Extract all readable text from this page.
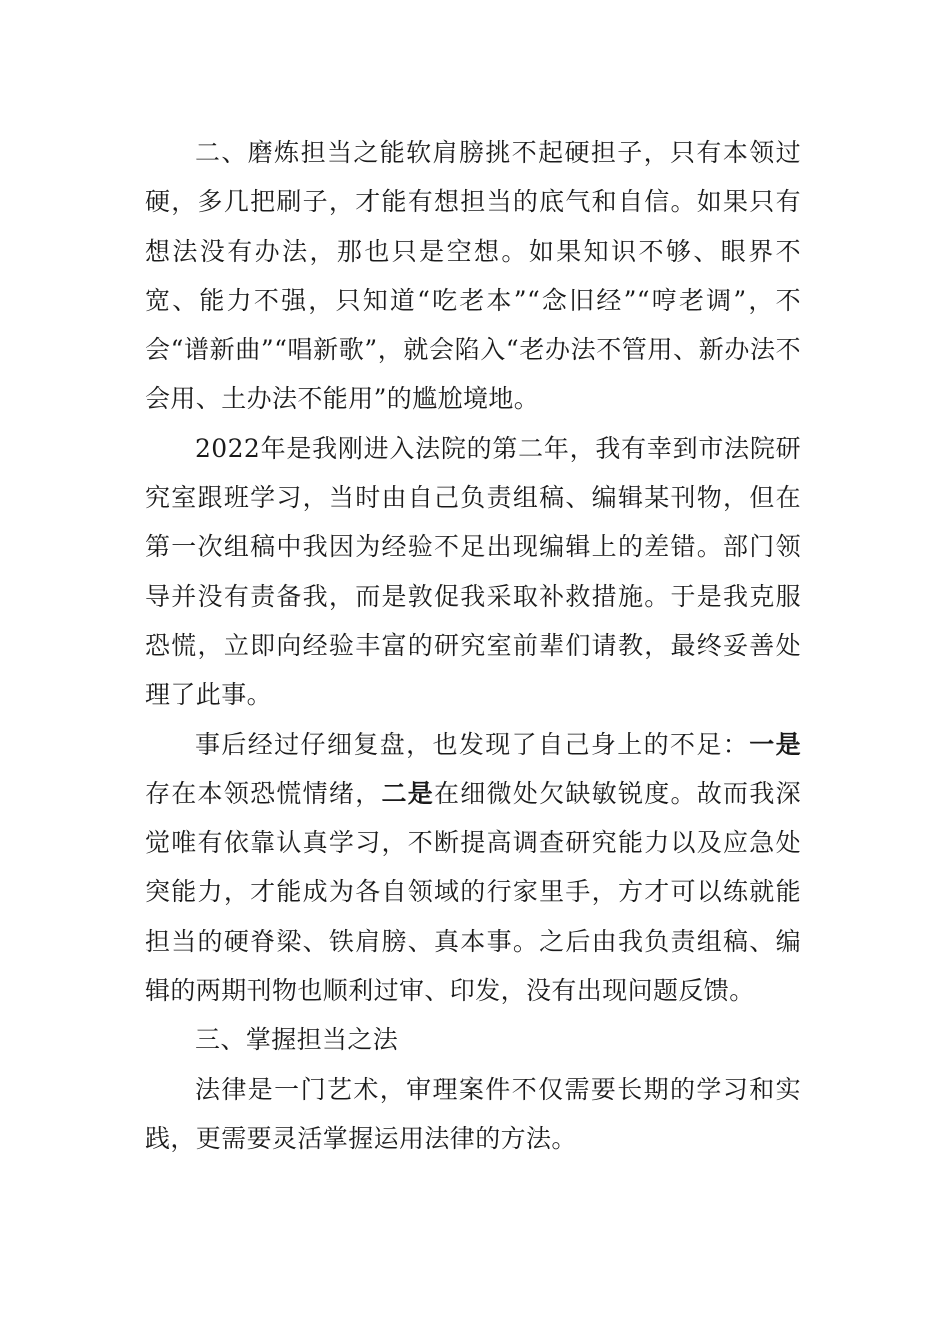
二、磨炼担当之能软肩膀挑不起硬担子，只有本领过硬，多几把刷子，才能有想担当的底气和自信。如果只有想法没有办法，那也只是空想。如果知识不够、眼界不宽、能力不强，只知道“吃老本”“念旧经”“哼老调”，不会“谱新曲”“唱新歌”，就会陷入“老办法不管用、新办法不会用、土办法不能用”的尴尬境地。

2022年是我刚进入法院的第二年，我有幸到市法院研究室跟班学习，当时由自己负责组稿、编辑某刊物，但在第一次组稿中我因为经验不足出现编辑上的差错。部门领导并没有责备我，而是敦促我采取补救措施。于是我克服恐慌，立即向经验丰富的研究室前辈们请教，最终妥善处理了此事。

事后经过仔细复盘，也发现了自己身上的不足：一是存在本领恐慌情绪，二是在细微处欠缺敏锐度。故而我深觉唯有依靠认真学习，不断提高调查研究能力以及应急处突能力，才能成为各自领域的行家里手，方才可以练就能担当的硬脊梁、铁肩膀、真本事。之后由我负责组稿、编辑的两期刊物也顺利过审、印发，没有出现问题反馈。

三、掌握担当之法

法律是一门艺术，审理案件不仅需要长期的学习和实践，更需要灵活掌握运用法律的方法。
